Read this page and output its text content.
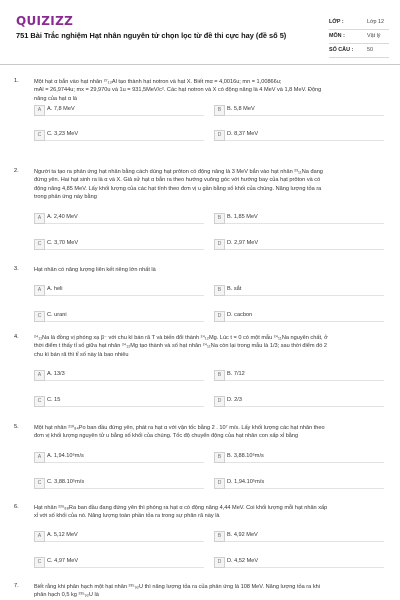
QUIZIZZ
751 Bài Trắc nghiệm Hạt nhân nguyên tử chọn lọc từ đề thi cực hay (đề số 5)
LỚP :	Lớp 12
MÔN :	Vật lý
SỐ CÂU :	50
1.	Một hạt α bắn vào hạt nhân ²⁷₁₃Al tạo thành hạt notron và hạt X. Biết mα = 4,0016u; mn = 1,00866u;
mAl = 26,9744u; mx = 29,970u và 1u = 931,5MeV/c². Các hạt notron và X có động năng là 4 MeV và 1,8 MeV. Động
năng của hạt α là
A	A. 7,8 MeV	B	B. 5,8 MeV
C	C. 3,23 MeV	D	D. 8,37 MeV
2.	Người ta tạo ra phản ứng hạt nhân bằng cách dùng hạt prôton có động năng là 3 MeV bắn vào hạt nhân ²³₁₁Na đang
đứng yên. Hai hạt sinh ra là α và X. Giả sử hạt α bắn ra theo hướng vuông góc với hướng bay của hạt prôton và có
động năng 4,85 MeV. Lấy khối lượng của các hạt tính theo đơn vị u gần bằng số khối của chúng. Năng lượng tỏa ra
trong phản ứng này bằng
A	A. 2,40 MeV	B	B. 1,85 MeV
C	C. 3,70 MeV	D	D. 2,97 MeV
3.	Hạt nhân có năng lượng liên kết riêng lớn nhất là
A	A. heli	B	B. sắt
C	C. urani	D	D. cacbon
4.	²⁴₁₁Na là đồng vị phóng xạ β⁻ với chu kì bán rã T và biến đổi thành ²⁴₁₂Mg. Lúc t = 0 có một mẫu ²⁴₁₁Na nguyên chất, ở
thời điểm t thấy tỉ số giữa hạt nhân ²⁴₁₂Mg tạo thành và số hạt nhân ²⁴₁₁Na còn lại trong mẫu là 1/3; sau thời điểm đó 2
chu kì bán rã thì tỉ số này là bao nhiêu
A	A. 13/3	B	B. 7/12
C	C. 15	D	D. 2/3
5.	Một hạt nhân ²¹⁰₈₄Po ban đầu đứng yên, phát ra hạt α với vận tốc bằng 2 . 10⁷ m/s. Lấy khối lượng các hạt nhân theo
đơn vị khối lượng nguyên tử u bằng số khối của chúng. Tốc độ chuyển động của hạt nhân con xấp xỉ bằng
A	A. 1,94.10⁶m/s	B	B. 3,88.10⁶m/s
C	C. 3,88.10⁵m/s	D	D. 1,94.10⁵m/s
6.	Hạt nhân ²²⁶₈₈Ra ban đầu đang đứng yên thì phóng ra hạt α có động năng 4,44 MeV. Coi khối lượng mỗi hạt nhân xấp
xỉ với số khối của nó. Năng lượng toàn phần tỏa ra trong sự phân rã này là
A	A. 5,12 MeV	B	B. 4,92 MeV
C	C. 4,97 MeV	D	D. 4,52 MeV
7.	Biết rằng khi phân hạch một hạt nhân ²³⁵₉₂U thì năng lượng tỏa ra của phản ứng là 108 MeV. Năng lượng tỏa ra khi
phân hạch 0,5 kg ²³⁵₉₂U là
